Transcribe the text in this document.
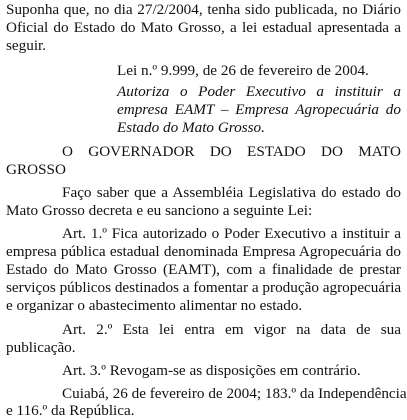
Suponha que, no dia 27/2/2004, tenha sido publicada, no Diário

Oficial do Estado do Mato Grosso, a lei estadual apresentada a

seguir.

Lei n.º 9.999, de 26 de fevereiro de 2004.

Autoriza o Poder Executivo a instituir a

empresa EAMT – Empresa Agropecuária do

Estado do Mato Grosso.

O GOVERNADOR DO ESTADO DO MATO

GROSSO

Faço saber que a Assembléia Legislativa do estado do

Mato Grosso decreta e eu sanciono a seguinte Lei:

Art. 1.º Fica autorizado o Poder Executivo a instituir a

empresa pública estadual denominada Empresa Agropecuária do

Estado do Mato Grosso (EAMT), com a finalidade de prestar

serviços públicos destinados a fomentar a produção agropecuária

e organizar o abastecimento alimentar no estado.

Art. 2.º Esta lei entra em vigor na data de sua

publicação.

Art. 3.º Revogam-se as disposições em contrário.

Cuiabá, 26 de fevereiro de 2004; 183.º da Independência

e 116.º da República.
